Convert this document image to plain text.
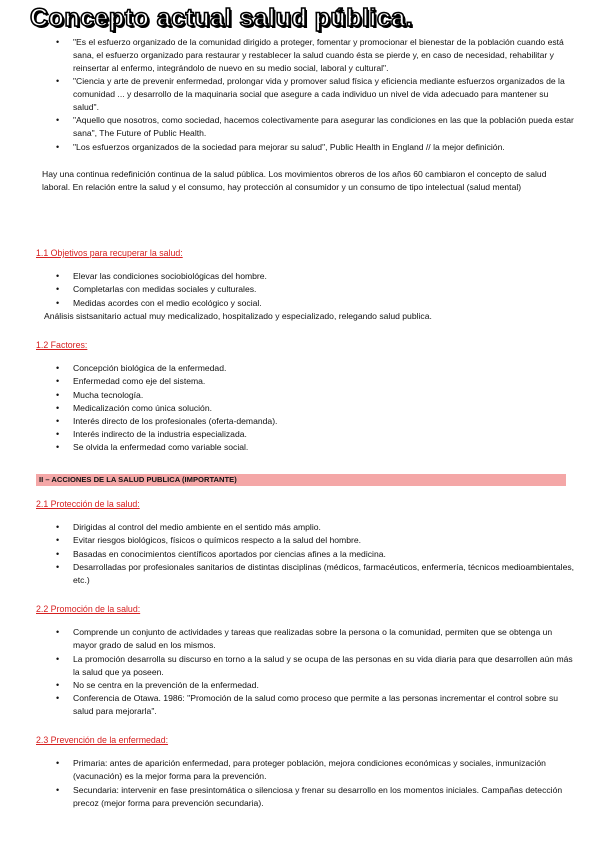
Concepto actual salud pública.
• "Es el esfuerzo organizado de la comunidad dirigido a proteger, fomentar y promocionar el bienestar de la población cuando está sana, el esfuerzo organizado para restaurar y restablecer la salud cuando ésta se pierde y, en caso de necesidad, rehabilitar y reinsertar al enfermo, integrándolo de nuevo en su medio social, laboral y cultural".
• "Ciencia y arte de prevenir enfermedad, prolongar vida y promover salud física y eficiencia mediante esfuerzos organizados de la comunidad ... y desarrollo de la maquinaria social que asegure a cada individuo un nivel de vida adecuado para mantener su salud".
• "Aquello que nosotros, como sociedad, hacemos colectivamente para asegurar las condiciones en las que la población pueda estar sana", The Future of Public Health.
• "Los esfuerzos organizados de la sociedad para mejorar su salud", Public Health in England // la mejor definición.
Hay una continua redefinición continua de la salud pública. Los movimientos obreros de los años 60 cambiaron el concepto de salud laboral. En relación entre la salud y el consumo, hay protección al consumidor y un consumo de tipo intelectual (salud mental)
1.1 Objetivos para recuperar la salud:
• Elevar las condiciones sociobiológicas del hombre.
• Completarlas con medidas sociales y culturales.
• Medidas acordes con el medio ecológico y social.
Análisis sistsanitario actual muy medicalizado, hospitalizado y especializado, relegando salud publica.
1.2 Factores:
• Concepción biológica de la enfermedad.
• Enfermedad como eje del sistema.
• Mucha tecnología.
• Medicalización como única solución.
• Interés directo de los profesionales (oferta-demanda).
• Interés indirecto de la industria especializada.
• Se olvida la enfermedad como variable social.
II – ACCIONES DE LA SALUD PUBLICA (IMPORTANTE)
2.1 Protección de la salud:
• Dirigidas al control del medio ambiente en el sentido más amplio.
• Evitar riesgos biológicos, físicos o químicos respecto a la salud del hombre.
• Basadas en conocimientos científicos aportados por ciencias afines a la medicina.
• Desarrolladas por profesionales sanitarios de distintas disciplinas (médicos, farmacéuticos, enfermería, técnicos medioambientales, etc.)
2.2 Promoción de la salud:
• Comprende un conjunto de actividades y tareas que realizadas sobre la persona o la comunidad, permiten que se obtenga un mayor grado de salud en los mismos.
• La promoción desarrolla su discurso en torno a la salud y se ocupa de las personas en su vida diaria para que desarrollen aún más la salud que ya poseen.
• No se centra en la prevención de la enfermedad.
• Conferencia de Otawa. 1986: "Promoción de la salud como proceso que permite a las personas incrementar el control sobre su salud para mejorarla".
2.3 Prevención de la enfermedad:
• Primaria: antes de aparición enfermedad, para proteger población, mejora condiciones económicas y sociales, inmunización (vacunación) es la mejor forma para la prevención.
• Secundaria: intervenir en fase presintomática o silenciosa y frenar su desarrollo en los momentos iniciales. Campañas detección precoz (mejor forma para prevención secundaria).
